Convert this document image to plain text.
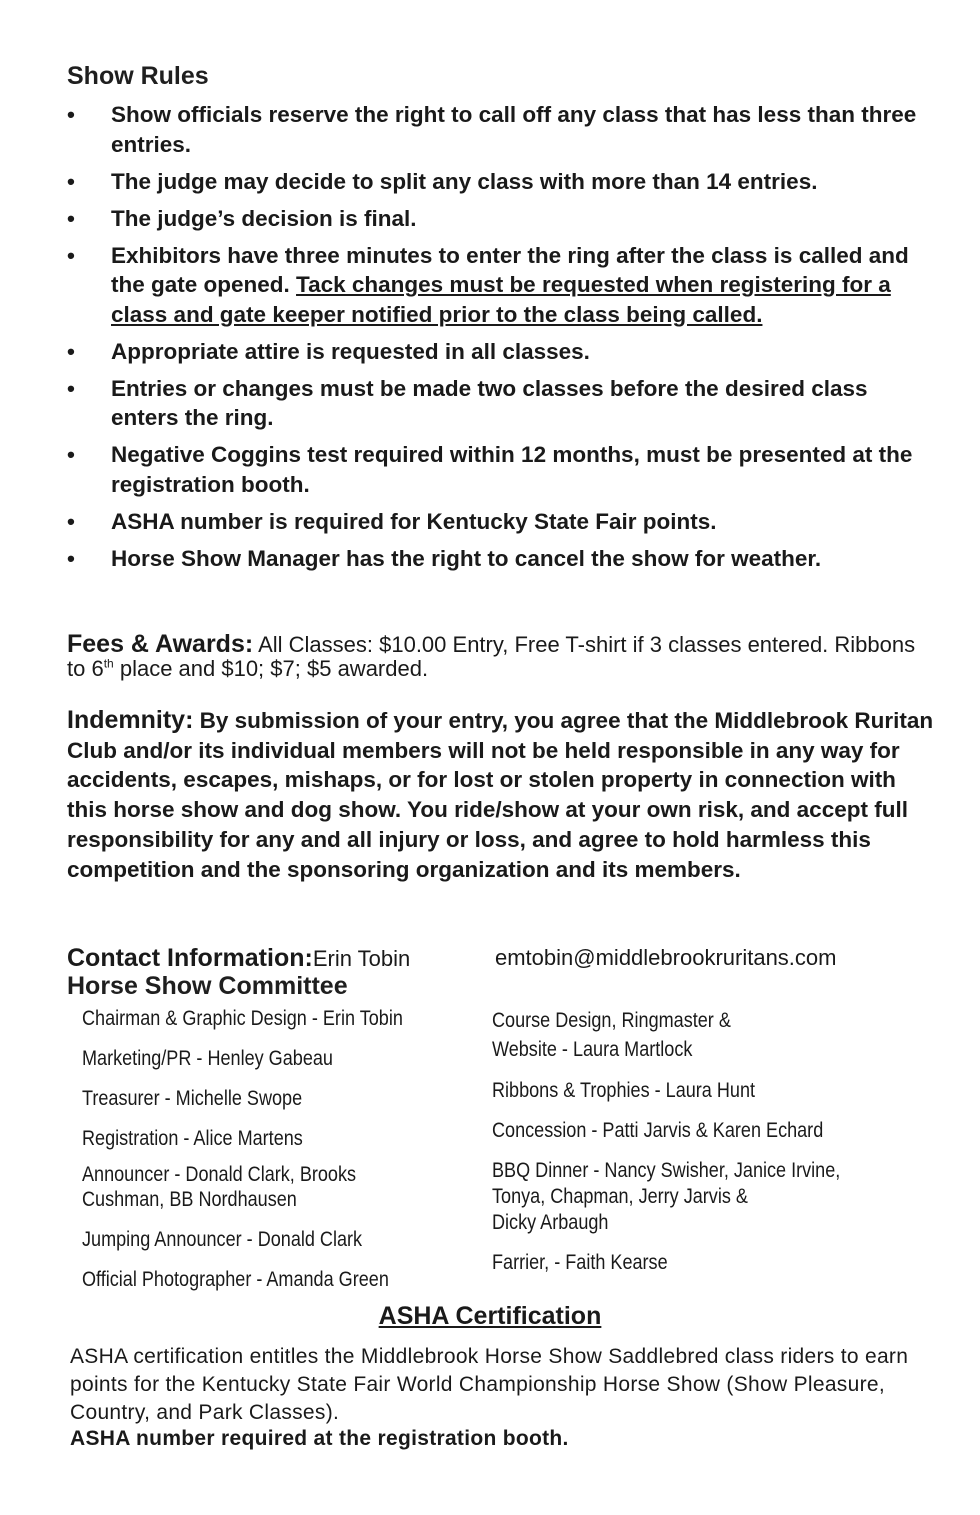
Show Rules
• Show officials reserve the right to call off any class that has less than three entries.
• The judge may decide to split any class with more than 14 entries.
• The judge’s decision is final.
• Exhibitors have three minutes to enter the ring after the class is called and the gate opened. Tack changes must be requested when registering for a class and gate keeper notified prior to the class being called.
• Appropriate attire is requested in all classes.
• Entries or changes must be made two classes before the desired class enters the ring.
• Negative Coggins test required within 12 months, must be presented at the registration booth.
• ASHA number is required for Kentucky State Fair points.
• Horse Show Manager has the right to cancel the show for weather.
Fees & Awards: All Classes: $10.00 Entry, Free T-shirt if 3 classes entered. Ribbons to 6th place and $10; $7; $5 awarded.
Indemnity: By submission of your entry, you agree that the Middlebrook Ruritan Club and/or its individual members will not be held responsible in any way for accidents, escapes, mishaps, or for lost or stolen property in connection with this horse show and dog show. You ride/show at your own risk, and accept full responsibility for any and all injury or loss, and agree to hold harmless this competition and the sponsoring organization and its members.
Contact Information:Erin Tobin	emtobin@middlebrookruritans.com
Horse Show Committee
Chairman & Graphic Design - Erin Tobin
Marketing/PR - Henley Gabeau
Treasurer - Michelle Swope
Registration - Alice Martens
Announcer - Donald Clark, Brooks
Cushman, BB Nordhausen
Jumping Announcer - Donald Clark
Official Photographer - Amanda Green
Course Design, Ringmaster &
Website - Laura Martlock
Ribbons & Trophies - Laura Hunt
Concession - Patti Jarvis & Karen Echard
BBQ Dinner - Nancy Swisher, Janice Irvine,
Tonya, Chapman, Jerry Jarvis &
Dicky Arbaugh
Farrier, - Faith Kearse
ASHA Certification
ASHA certification entitles the Middlebrook Horse Show Saddlebred class riders to earn points for the Kentucky State Fair World Championship Horse Show (Show Pleasure, Country, and Park Classes).
ASHA number required at the registration booth.
